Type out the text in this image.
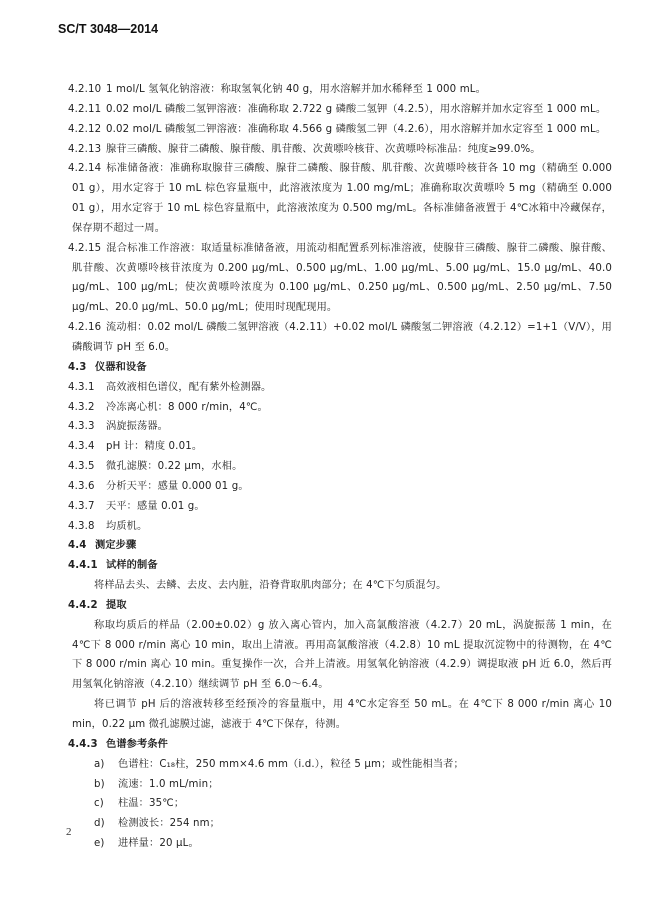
SC/T 3048—2014

4.2.10 1 mol/L 氢氧化钠溶液：称取氢氧化钠 40 g，用水溶解并加水稀释至 1 000 mL。

4.2.11 0.02 mol/L 磷酸二氢钾溶液：准确称取 2.722 g 磷酸二氢钾（4.2.5），用水溶解并加水定容至 1 000 mL。

4.2.12 0.02 mol/L 磷酸氢二钾溶液：准确称取 4.566 g 磷酸氢二钾（4.2.6），用水溶解并加水定容至 1 000 mL。

4.2.13 腺苷三磷酸、腺苷二磷酸、腺苷酸、肌苷酸、次黄嘌呤核苷、次黄嘌呤标准品：纯度≥99.0%。

4.2.14 标准储备液：准确称取腺苷三磷酸、腺苷二磷酸、腺苷酸、肌苷酸、次黄嘌呤核苷各 10 mg（精确至 0.000 01 g），用水定容于 10 mL 棕色容量瓶中，此溶液浓度为 1.00 mg/mL；准确称取次黄嘌呤 5 mg（精确至 0.000 01 g），用水定容于 10 mL 棕色容量瓶中，此溶液浓度为 0.500 mg/mL。各标准储备液置于 4℃冰箱中冷藏保存，保存期不超过一周。

4.2.15 混合标准工作溶液：取适量标准储备液，用流动相配置系列标准溶液，使腺苷三磷酸、腺苷二磷酸、腺苷酸、肌苷酸、次黄嘌呤核苷浓度为 0.200 μg/mL、0.500 μg/mL、1.00 μg/mL、5.00 μg/mL、15.0 μg/mL、40.0 μg/mL、100 μg/mL；使次黄嘌呤浓度为 0.100 μg/mL、0.250 μg/mL、0.500 μg/mL、2.50 μg/mL、7.50 μg/mL、20.0 μg/mL、50.0 μg/mL；使用时现配现用。

4.2.16 流动相：0.02 mol/L 磷酸二氢钾溶液（4.2.11）+0.02 mol/L 磷酸氢二钾溶液（4.2.12）=1+1（V/V），用磷酸调节 pH 至 6.0。

4.3 仪器和设备

4.3.1 高效液相色谱仪，配有紫外检测器。

4.3.2 冷冻离心机：8 000 r/min，4℃。

4.3.3 涡旋振荡器。

4.3.4 pH 计：精度 0.01。

4.3.5 微孔滤膜：0.22 μm，水相。

4.3.6 分析天平：感量 0.000 01 g。

4.3.7 天平：感量 0.01 g。

4.3.8 均质机。

4.4 测定步骤

4.4.1 试样的制备

将样品去头、去鳞、去皮、去内脏，沿脊背取肌肉部分；在 4℃下匀质混匀。

4.4.2 提取

称取均质后的样品（2.00±0.02）g 放入离心管内，加入高氯酸溶液（4.2.7）20 mL，涡旋振荡 1 min，在 4℃下 8 000 r/min 离心 10 min，取出上清液。再用高氯酸溶液（4.2.8）10 mL 提取沉淀物中的待测物，在 4℃下 8 000 r/min 离心 10 min。重复操作一次，合并上清液。用氢氧化钠溶液（4.2.9）调提取液 pH 近 6.0，然后再用氢氧化钠溶液（4.2.10）继续调节 pH 至 6.0～6.4。

将已调节 pH 后的溶液转移至经预冷的容量瓶中，用 4℃水定容至 50 mL。在 4℃下 8 000 r/min 离心 10 min，0.22 μm 微孔滤膜过滤，滤液于 4℃下保存，待测。

4.4.3 色谱参考条件

a) 色谱柱：C₁₈柱，250 mm×4.6 mm（i.d.），粒径 5 μm；或性能相当者；

b) 流速：1.0 mL/min；

c) 柱温：35℃；

d) 检测波长：254 nm；

e) 进样量：20 μL。

2
